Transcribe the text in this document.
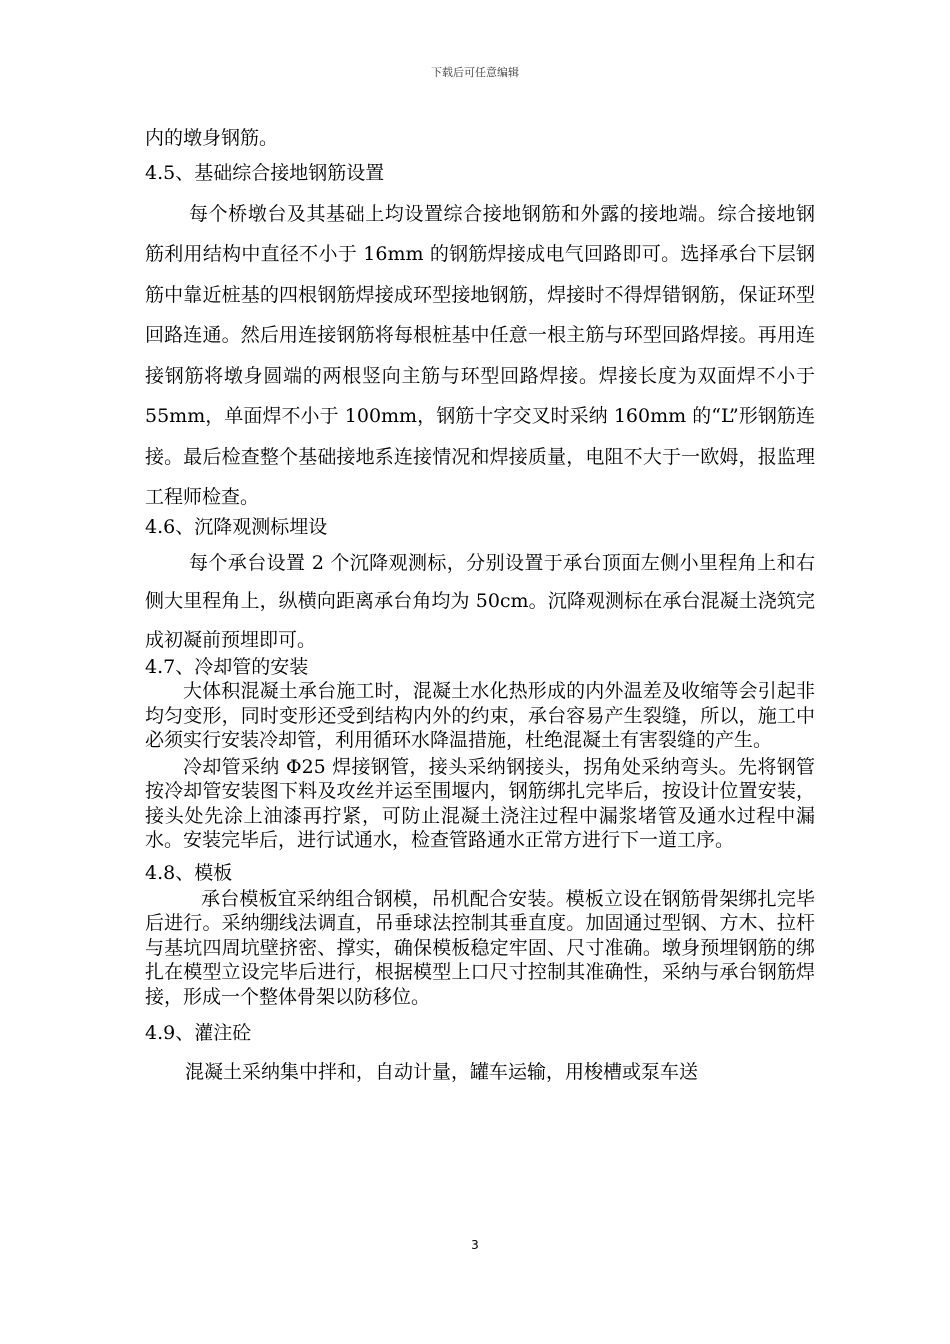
下载后可任意编辑

内的墩身钢筋。

4.5、基础综合接地钢筋设置

每个桥墩台及其基础上均设置综合接地钢筋和外露的接地端。综合接地钢筋利用结构中直径不小于 16mm 的钢筋焊接成电气回路即可。选择承台下层钢筋中靠近桩基的四根钢筋焊接成环型接地钢筋，焊接时不得焊错钢筋，保证环型回路连通。然后用连接钢筋将每根桩基中任意一根主筋与环型回路焊接。再用连接钢筋将墩身圆端的两根竖向主筋与环型回路焊接。焊接长度为双面焊不小于 55mm，单面焊不小于 100mm，钢筋十字交叉时采纳 160mm 的“L”形钢筋连接。最后检查整个基础接地系连接情况和焊接质量，电阻不大于一欧姆，报监理工程师检查。

4.6、沉降观测标埋设

每个承台设置 2 个沉降观测标，分别设置于承台顶面左侧小里程角上和右侧大里程角上，纵横向距离承台角均为 50cm。沉降观测标在承台混凝土浇筑完成初凝前预埋即可。

4.7、冷却管的安装

大体积混凝土承台施工时，混凝土水化热形成的内外温差及收缩等会引起非均匀变形，同时变形还受到结构内外的约束，承台容易产生裂缝，所以，施工中必须实行安装冷却管，利用循环水降温措施，杜绝混凝土有害裂缝的产生。

冷却管采纳 Φ25 焊接钢管，接头采纳钢接头，拐角处采纳弯头。先将钢管按冷却管安装图下料及攻丝并运至围堰内，钢筋绑扎完毕后，按设计位置安装，接头处先涂上油漆再拧紧，可防止混凝土浇注过程中漏浆堵管及通水过程中漏水。安装完毕后，进行试通水，检查管路通水正常方进行下一道工序。

4.8、模板

承台模板宜采纳组合钢模，吊机配合安装。模板立设在钢筋骨架绑扎完毕后进行。采纳绷线法调直，吊垂球法控制其垂直度。加固通过型钢、方木、拉杆与基坑四周坑壁挤密、撑实，确保模板稳定牢固、尺寸准确。墩身预埋钢筋的绑扎在模型立设完毕后进行，根据模型上口尺寸控制其准确性，采纳与承台钢筋焊接，形成一个整体骨架以防移位。

4.9、灌注砼

混凝土采纳集中拌和，自动计量，罐车运输，用梭槽或泵车送

3
